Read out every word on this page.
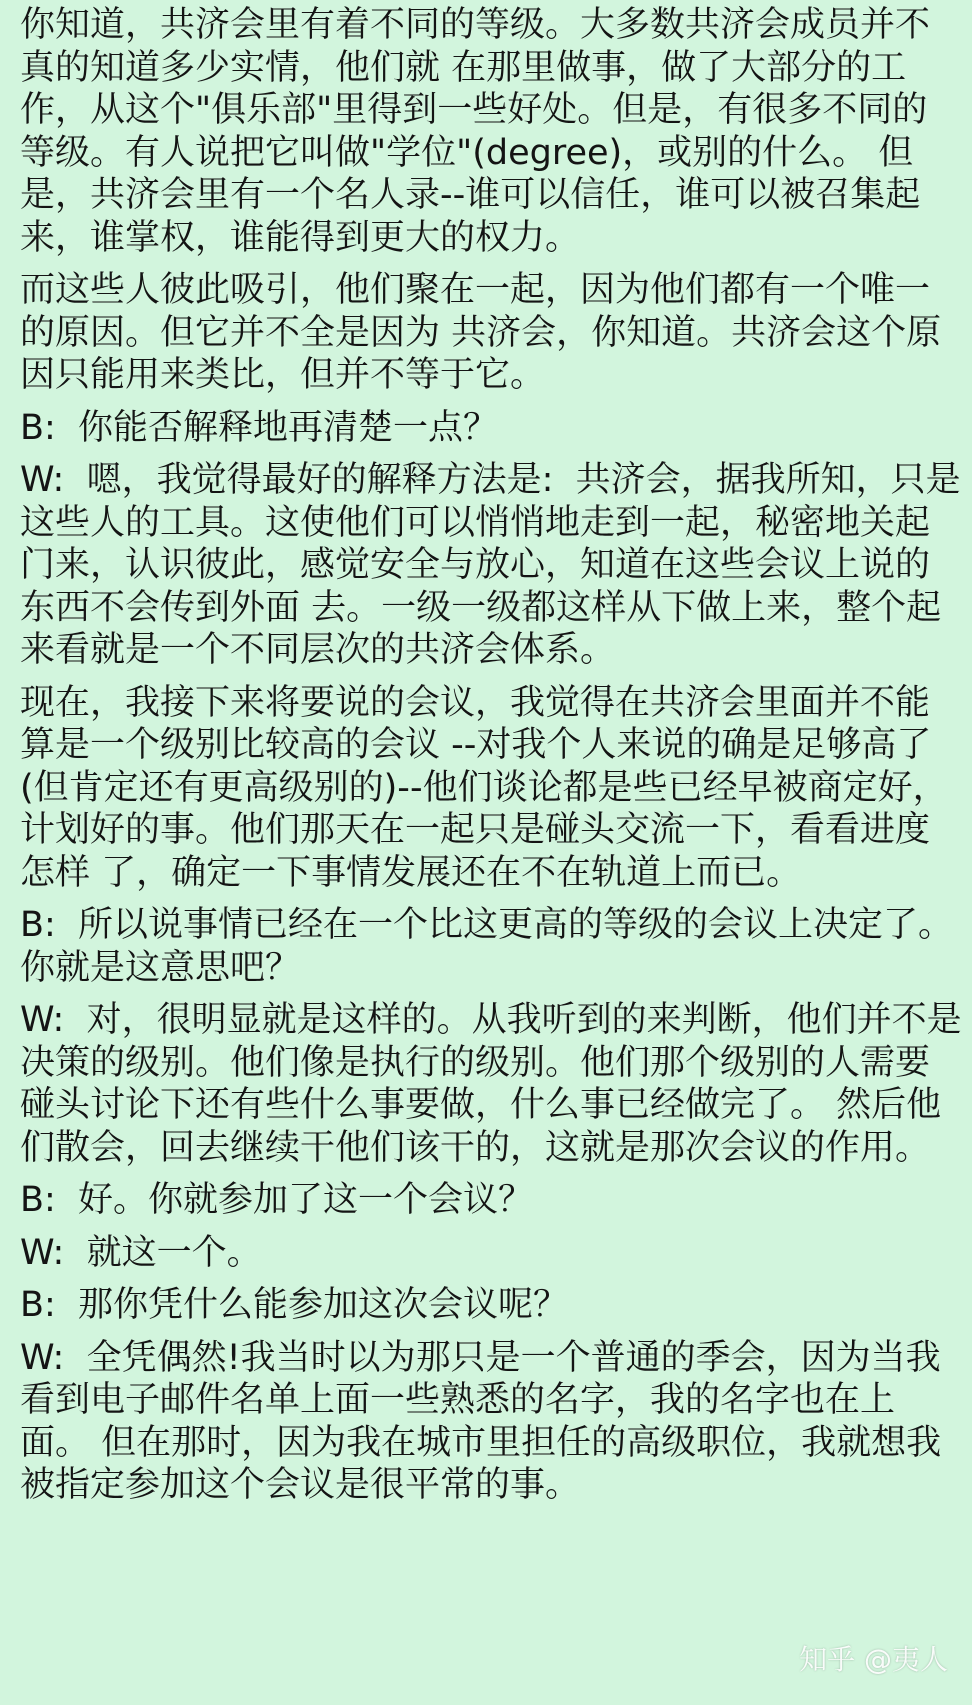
你知道，共济会里有着不同的等级。大多数共济会成员并不真的知道多少实情，他们就 在那里做事，做了大部分的工作，从这个"俱乐部"里得到一些好处。但是，有很多不同的等级。有人说把它叫做"学位"(degree)，或别的什么。 但是，共济会里有一个名人录--谁可以信任，谁可以被召集起来，谁掌权，谁能得到更大的权力。

而这些人彼此吸引，他们聚在一起，因为他们都有一个唯一的原因。但它并不全是因为 共济会，你知道。共济会这个原因只能用来类比，但并不等于它。

B:  你能否解释地再清楚一点？

W:  嗯，我觉得最好的解释方法是:  共济会，据我所知，只是这些人的工具。这使他们可以悄悄地走到一起，秘密地关起门来，认识彼此，感觉安全与放心，知道在这些会议上说的东西不会传到外面 去。一级一级都这样从下做上来，整个起来看就是一个不同层次的共济会体系。

现在，我接下来将要说的会议，我觉得在共济会里面并不能算是一个级别比较高的会议 --对我个人来说的确是足够高了(但肯定还有更高级别的)--他们谈论都是些已经早被商定好，计划好的事。他们那天在一起只是碰头交流一下，看看进度怎样 了，确定一下事情发展还在不在轨道上而已。

B:  所以说事情已经在一个比这更高的等级的会议上决定了。你就是这意思吧？

W:  对，很明显就是这样的。从我听到的来判断，他们并不是决策的级别。他们像是执行的级别。他们那个级别的人需要碰头讨论下还有些什么事要做，什么事已经做完了。 然后他们散会，回去继续干他们该干的，这就是那次会议的作用。

B:  好。你就参加了这一个会议？

W:  就这一个。

B:  那你凭什么能参加这次会议呢？

W:  全凭偶然!我当时以为那只是一个普通的季会，因为当我看到电子邮件名单上面一些熟悉的名字，我的名字也在上面。 但在那时，因为我在城市里担任的高级职位，我就想我被指定参加这个会议是很平常的事。

知乎 @夷人
